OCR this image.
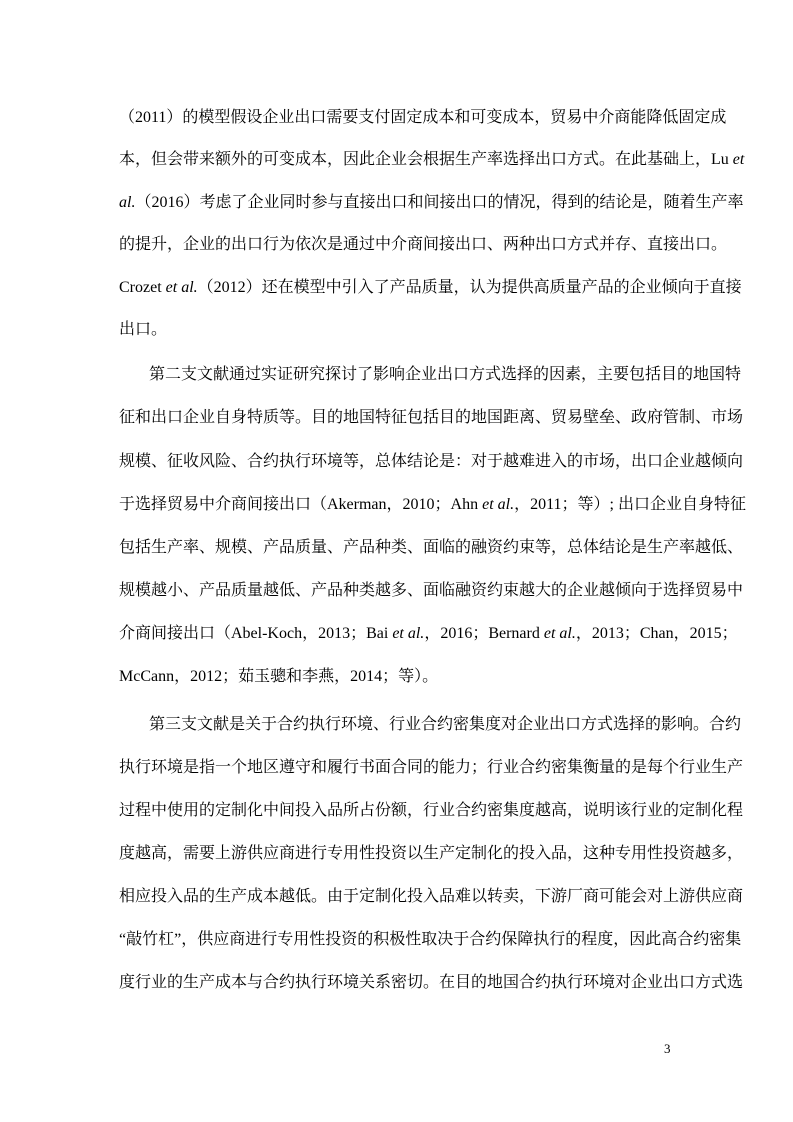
（2011）的模型假设企业出口需要支付固定成本和可变成本，贸易中介商能降低固定成
本，但会带来额外的可变成本，因此企业会根据生产率选择出口方式。在此基础上，Lu et
al.（2016）考虑了企业同时参与直接出口和间接出口的情况，得到的结论是，随着生产率
的提升，企业的出口行为依次是通过中介商间接出口、两种出口方式并存、直接出口。
Crozet et al.（2012）还在模型中引入了产品质量，认为提供高质量产品的企业倾向于直接
出口。
第二支文献通过实证研究探讨了影响企业出口方式选择的因素，主要包括目的地国特
征和出口企业自身特质等。目的地国特征包括目的地国距离、贸易壁垒、政府管制、市场
规模、征收风险、合约执行环境等，总体结论是：对于越难进入的市场，出口企业越倾向
于选择贸易中介商间接出口（Akerman，2010；Ahn et al.，2011；等）; 出口企业自身特征
包括生产率、规模、产品质量、产品种类、面临的融资约束等，总体结论是生产率越低、
规模越小、产品质量越低、产品种类越多、面临融资约束越大的企业越倾向于选择贸易中
介商间接出口（Abel-Koch，2013；Bai et al.，2016；Bernard et al.，2013；Chan，2015；
McCann，2012；茹玉骢和李燕，2014；等）。
第三支文献是关于合约执行环境、行业合约密集度对企业出口方式选择的影响。合约
执行环境是指一个地区遵守和履行书面合同的能力；行业合约密集衡量的是每个行业生产
过程中使用的定制化中间投入品所占份额，行业合约密集度越高，说明该行业的定制化程
度越高，需要上游供应商进行专用性投资以生产定制化的投入品，这种专用性投资越多，
相应投入品的生产成本越低。由于定制化投入品难以转卖，下游厂商可能会对上游供应商
“敲竹杠”，供应商进行专用性投资的积极性取决于合约保障执行的程度，因此高合约密集
度行业的生产成本与合约执行环境关系密切。在目的地国合约执行环境对企业出口方式选
3
